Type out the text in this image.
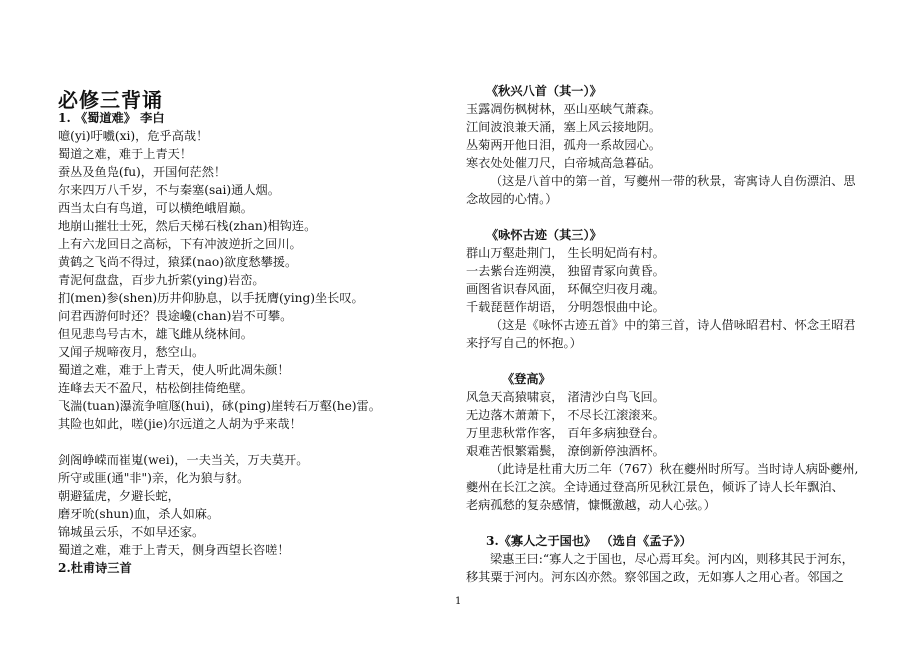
必修三背诵
1. 《蜀道难》 李白
噫(yi)吁嚱(xi)，危乎高哉！
蜀道之难，难于上青天！
蚕丛及鱼凫(fu)，开国何茫然！
尔来四万八千岁，不与秦塞(sai)通人烟。
西当太白有鸟道，可以横绝峨眉巅。
地崩山摧壮士死，然后天梯石栈(zhan)相钩连。
上有六龙回日之高标，下有冲波逆折之回川。
黄鹤之飞尚不得过，猿猱(nao)欲度愁攀援。
青泥何盘盘，百步九折萦(ying)岩峦。
扪(men)参(shen)历井仰胁息，以手抚膺(ying)坐长叹。
问君西游何时还？畏途巉(chan)岩不可攀。
但见悲鸟号古木，雄飞雌从绕林间。
又闻子规啼夜月，愁空山。
蜀道之难，难于上青天，使人听此凋朱颜！
连峰去天不盈尺，枯松倒挂倚绝壁。
飞湍(tuan)瀑流争喧豗(hui)，砯(ping)崖转石万壑(he)雷。
其险也如此，嗟(jie)尔远道之人胡为乎来哉！
剑阁峥嵘而崔嵬(wei)，一夫当关，万夫莫开。
所守或匪(通"非")亲，化为狼与豺。
朝避猛虎，夕避长蛇，
磨牙吮(shun)血，杀人如麻。
锦城虽云乐，不如早还家。
蜀道之难，难于上青天，侧身西望长咨嗟！
2.杜甫诗三首
《秋兴八首（其一）》
玉露凋伤枫树林，巫山巫峡气萧森。
江间波浪兼天涌，塞上风云接地阴。
丛菊两开他日泪，孤舟一系故园心。
寒衣处处催刀尺，白帝城高急暮砧。
（这是八首中的第一首，写夔州一带的秋景，寄寓诗人自伤漂泊、思
念故园的心情。）
《咏怀古迹（其三）》
群山万壑赴荆门， 生长明妃尚有村。
一去紫台连朔漠， 独留青冢向黄昏。
画图省识春风面， 环佩空归夜月魂。
千载琵琶作胡语， 分明怨恨曲中论。
（这是《咏怀古迹五首》中的第三首，诗人借咏昭君村、怀念王昭君
来抒写自己的怀抱。）
《登高》
风急天高猿啸哀， 渚清沙白鸟飞回。
无边落木萧萧下， 不尽长江滚滚来。
万里悲秋常作客， 百年多病独登台。
艰难苦恨繁霜鬓， 潦倒新停浊酒杯。
（此诗是杜甫大历二年（767）秋在夔州时所写。当时诗人病卧夔州,
夔州在长江之滨。全诗通过登高所见秋江景色，倾诉了诗人长年飘泊、
老病孤愁的复杂感情，慷慨激越，动人心弦。）
3.《寡人之于国也》 （选自《孟子》）
梁惠王曰:“寡人之于国也，尽心焉耳矣。河内凶，则移其民于河东，
移其粟于河内。河东凶亦然。察邻国之政，无如寡人之用心者。邻国之
1
